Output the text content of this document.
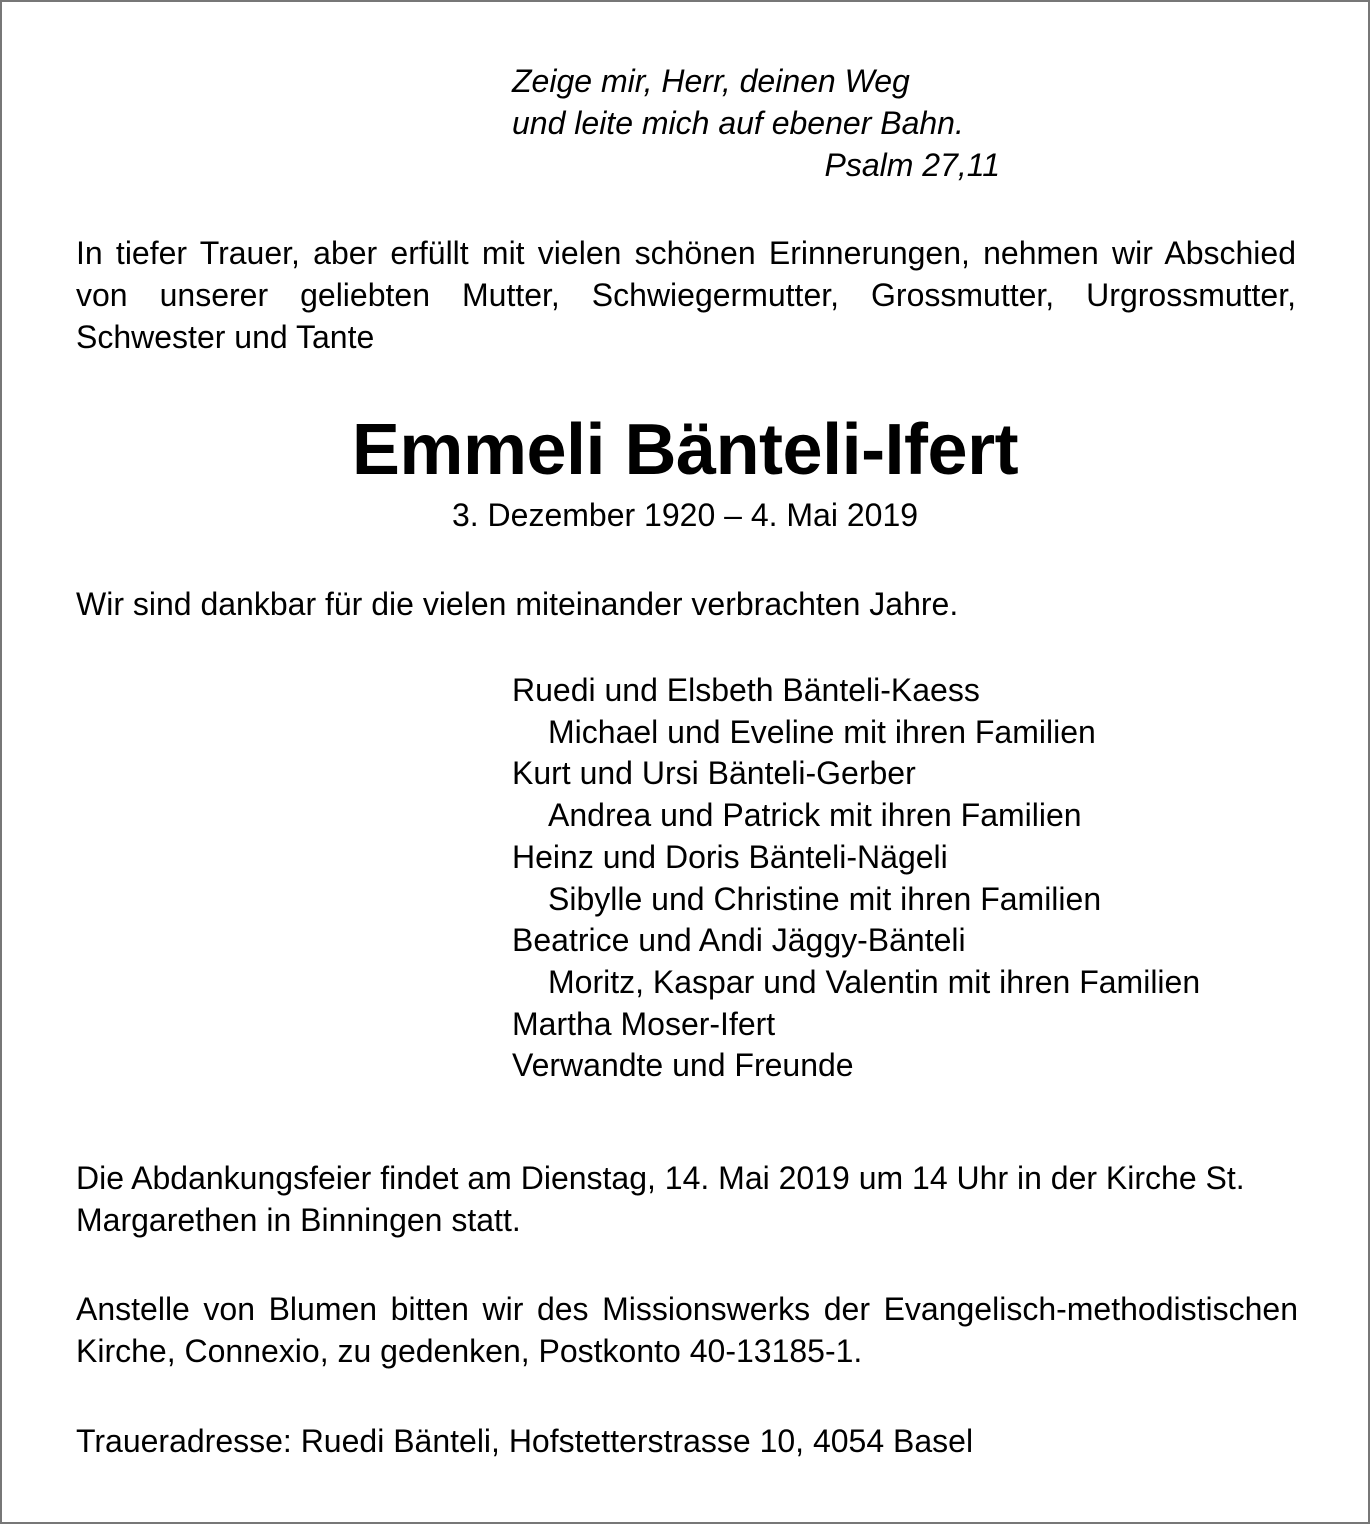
Zeige mir, Herr, deinen Weg
und leite mich auf ebener Bahn.
Psalm 27,11

In tiefer Trauer, aber erfüllt mit vielen schönen Erinnerungen, nehmen wir Abschied von unserer geliebten Mutter, Schwiegermutter, Grossmutter, Urgrossmutter, Schwester und Tante

Emmeli Bänteli-Ifert
3. Dezember 1920 – 4. Mai 2019

Wir sind dankbar für die vielen miteinander verbrachten Jahre.

Ruedi und Elsbeth Bänteli-Kaess
Michael und Eveline mit ihren Familien
Kurt und Ursi Bänteli-Gerber
Andrea und Patrick mit ihren Familien
Heinz und Doris Bänteli-Nägeli
Sibylle und Christine mit ihren Familien
Beatrice und Andi Jäggy-Bänteli
Moritz, Kaspar und Valentin mit ihren Familien
Martha Moser-Ifert
Verwandte und Freunde

Die Abdankungsfeier findet am Dienstag, 14. Mai 2019 um 14 Uhr in der Kirche St. Margarethen in Binningen statt.

Anstelle von Blumen bitten wir des Missionswerks der Evangelisch-methodistischen Kirche, Connexio, zu gedenken, Postkonto 40-13185-1.

Traueradresse: Ruedi Bänteli, Hofstetterstrasse 10, 4054 Basel
